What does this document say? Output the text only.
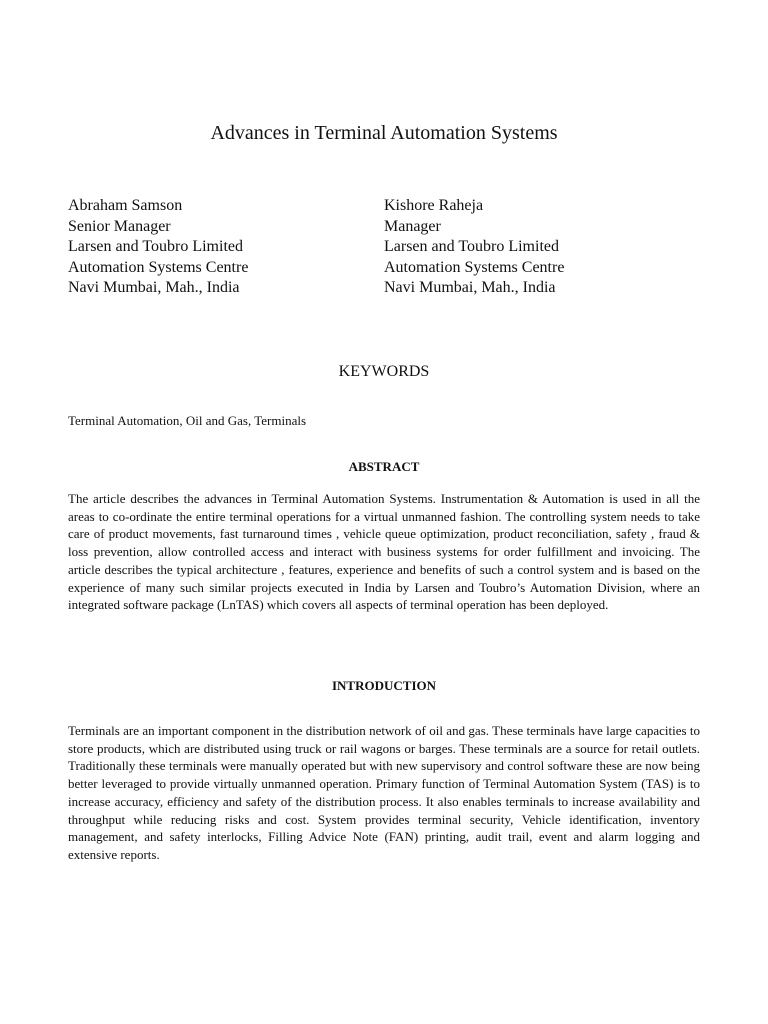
Advances in Terminal Automation Systems
Abraham Samson
Senior Manager
Larsen and Toubro Limited
Automation Systems Centre
Navi Mumbai, Mah., India
Kishore Raheja
Manager
Larsen and Toubro Limited
Automation Systems Centre
Navi Mumbai, Mah., India
KEYWORDS
Terminal Automation, Oil and Gas, Terminals
ABSTRACT

The article describes the advances in Terminal Automation Systems. Instrumentation & Automation is used in all the areas to co-ordinate the entire terminal operations for a virtual unmanned fashion. The controlling system needs to take care of product movements, fast turnaround times , vehicle queue optimization, product reconciliation, safety , fraud & loss prevention, allow controlled access and interact with business systems for order fulfillment and invoicing. The article describes the typical architecture , features, experience and benefits of such a control system and is based on the experience of many such similar projects executed in India by Larsen and Toubro’s Automation Division, where an integrated software package (LnTAS) which covers all aspects of terminal operation has been deployed.

INTRODUCTION

Terminals are an important component in the distribution network of oil and gas. These terminals have large capacities to store products, which are distributed using truck or rail wagons or barges. These terminals are a source for retail outlets. Traditionally these terminals were manually operated but with new supervisory and control software these are now being better leveraged to provide virtually unmanned operation. Primary function of Terminal Automation System (TAS) is to increase accuracy, efficiency and safety of the distribution process. It also enables terminals to increase availability and throughput while reducing risks and cost. System provides terminal security, Vehicle identification, inventory management, and safety interlocks, Filling Advice Note (FAN) printing, audit trail, event and alarm logging and extensive reports.
